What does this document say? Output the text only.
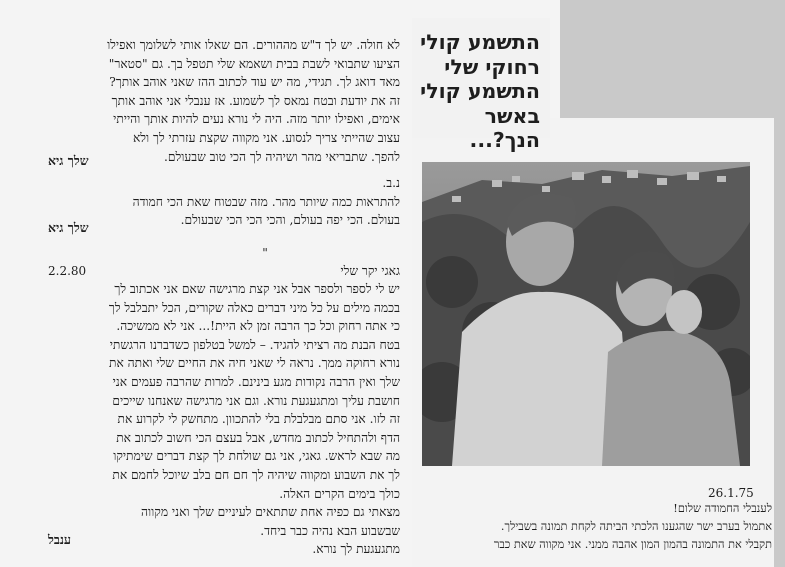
התשמע קולי

רחוקי שלי

התשמע קולי

באשר הנך?...

לא חולה. יש לך ד"ש מההורים. הם שאלו אותי לשלומך ואפילו

הציעו שתבואי לשבת בבית ושאמא שלי תטפל בך. גם "סטאר"

מאד דואג לך. תגידי, מה יש עוד לכתוב ההז שאני אוהב אותך?

זה את יודעת ובטח נמאס לך לשמוע. אז ענבלי אני אוהב אותך

אימים, ואפילו יותר מזה. היה לי נורא נעים להיות אותך והייתי

עצוב שהייתי צריך לנסוע. אני מקווה שקצת עזרתי לך ולא

להפך. שתבריאי מהר ושיהיה לך הכי טוב שבעולם.

שלך גיא

נ.ב.

להתראות כמה שיותר מהר. מזה שבטוח שאת הכי חמודה

בעולם. הכי יפה בעולם, והכי הכי הכי שבעולם.

שלך גיא
"
גאגי יקר שלי
2.2.80

יש לי לספר ולספר אבל אני קצת מרגישה שאם אני אכתוב לך

בכמה מילים על כל מיני דברים כאלה שקורים, הכל יתבלבל לך

כי אתה רחוק וכל כך הרבה זמן לא היית!... אני לא ממשיכה.

בטח הבנת מה רציתי להגיד. – למשל בטלפון כשדברנו הרגשתי

נורא רחוקה ממך. נראה לי שאני חיה את החיים שלי ואתה את

שלך ואין הרבה נקודות מגע בינינם. למרות שהרבה פעמים אני

חושבת עליך ומתגעגעת נורא. וגם אני מרגישה שאנחנו שייכים

זה לזו. אני סתם מבלבלת בלי להתכוון. מתחשק לי לקרוע את

הדף ולהתחיל לכתוב מחדש, אבל בעצם הכי חשוב לכתוב את

מה שבא לראש. גאגי, אני גם שולחת לך קצת דברים שימתיקו

לך את השבוע ומקווה שיהיה לך חם חם בלב שיוכל לחמם את

כולך בימים הקרים האלה.

מצאתי גם כפיה אחת שתתאים לעיניים שלך ואני מקווה

שבשבוע הבא נהיה כבר ביחד.

מתגעגעת לך נורא.

ענבל
26.1.75

לענבלי החמודה שלום!

אתמול בערב ישר שהגענו הלכתי הביתה לקחת תמונה בשבילך.

תקבלי את התמונה בהמון המון אהבה ממני. אני מקווה שאת כבר
